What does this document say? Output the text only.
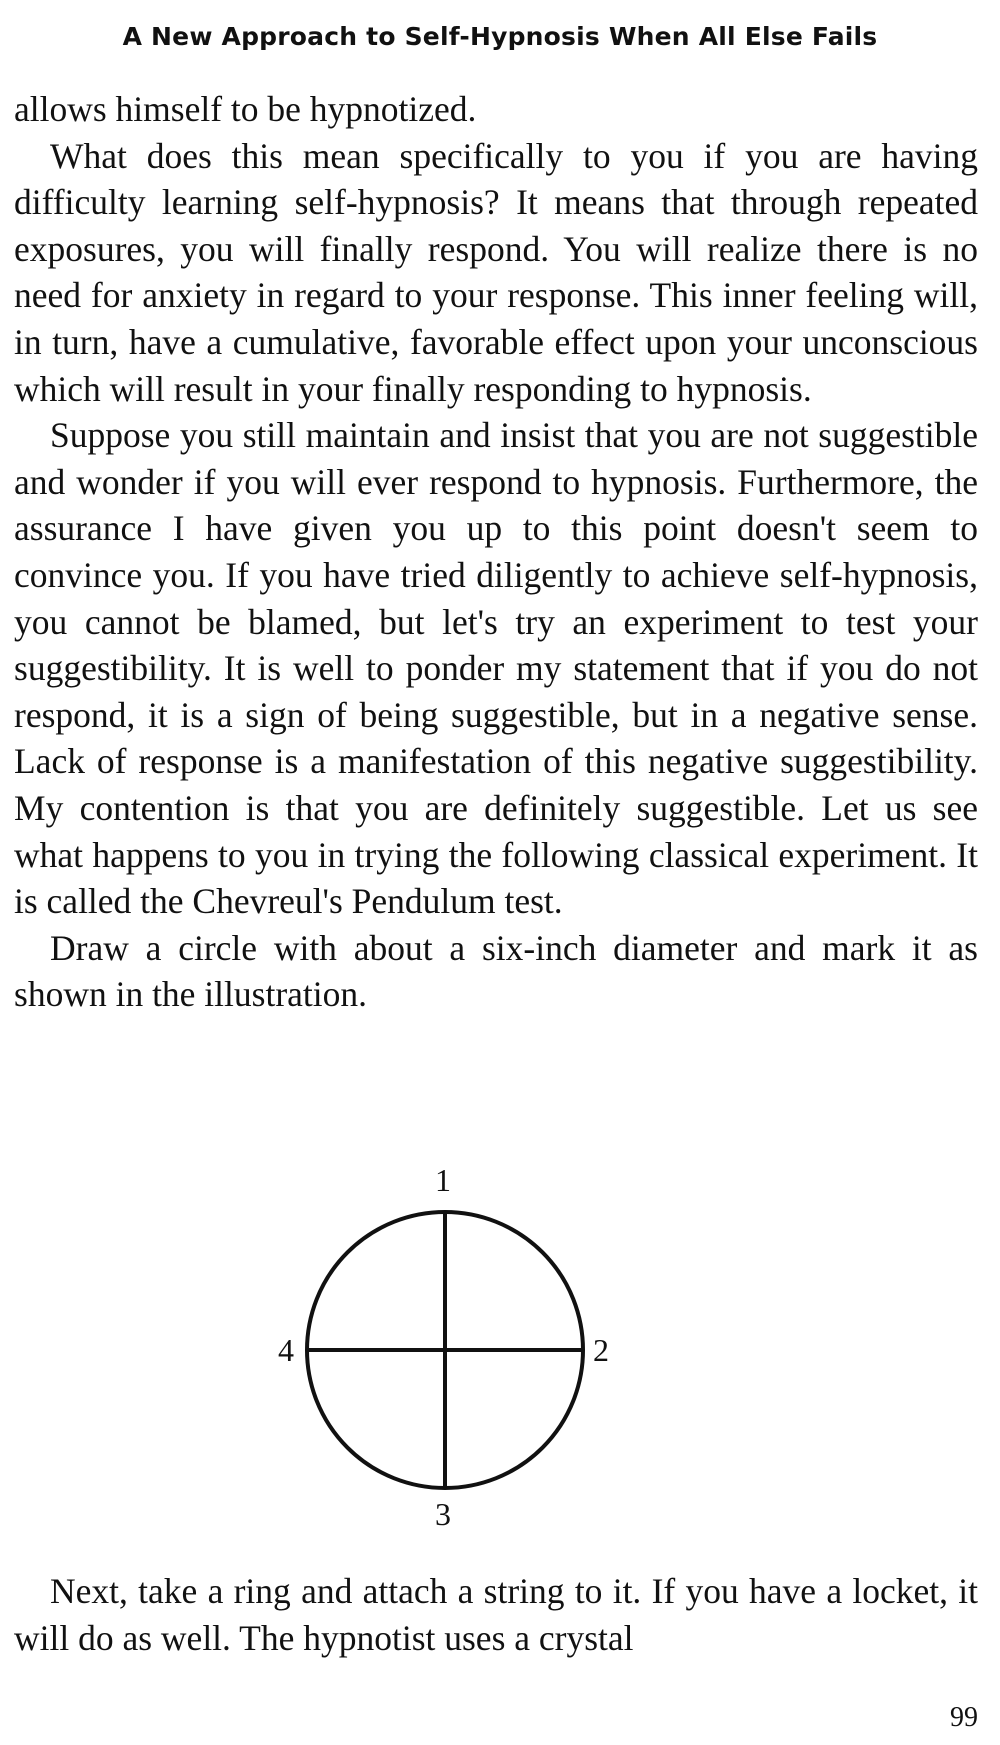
A New Approach to Self-Hypnosis When All Else Fails

allows himself to be hypnotized.

What does this mean specifically to you if you are having difficulty learning self-hypnosis? It means that through repeated exposures, you will finally respond. You will realize there is no need for anxiety in regard to your response. This inner feeling will, in turn, have a cumulative, favorable effect upon your unconscious which will result in your finally responding to hypnosis.

Suppose you still maintain and insist that you are not suggestible and wonder if you will ever respond to hypnosis. Furthermore, the assurance I have given you up to this point doesn't seem to convince you. If you have tried diligently to achieve self-hypnosis, you cannot be blamed, but let's try an experiment to test your suggestibility. It is well to ponder my statement that if you do not respond, it is a sign of being suggestible, but in a negative sense. Lack of response is a manifestation of this negative suggestibility. My contention is that you are definitely suggestible. Let us see what happens to you in trying the following classical experiment. It is called the Chevreul's Pendulum test.

Draw a circle with about a six-inch diameter and mark it as shown in the illustration.

1
2
3
4

Next, take a ring and attach a string to it. If you have a locket, it will do as well. The hypnotist uses a crystal

99
